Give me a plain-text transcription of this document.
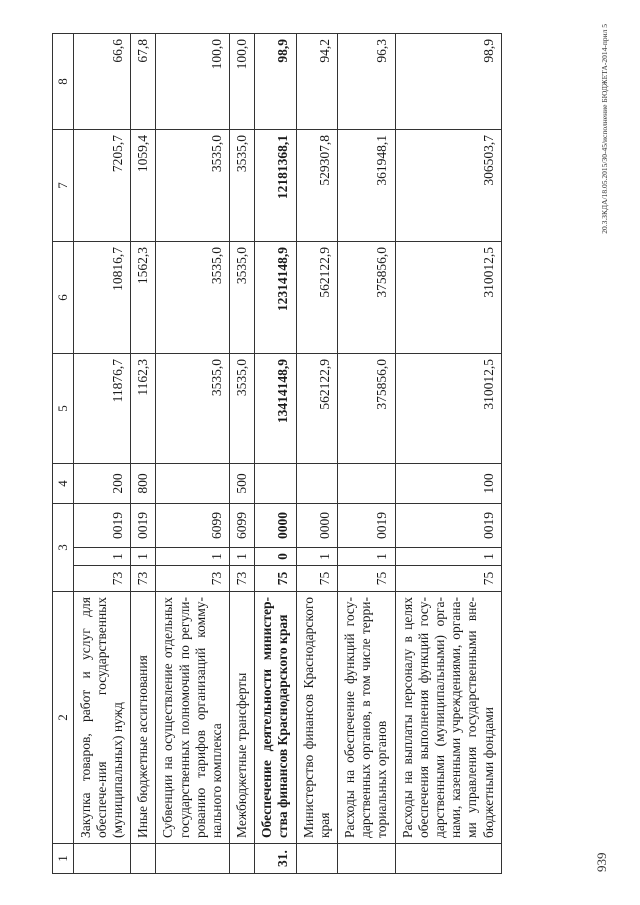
1	2	3			4	5	6	7	8
	Закупка товаров, работ и услуг для обеспече-ния государственных (муниципальных) нужд	73	1	0019	200	11876,7	10816,7	7205,7	66,6
	Иные бюджетные ассигнования	73	1	0019	800	1162,3	1562,3	1059,4	67,8
	Субвенции на осуществление отдельных государственных полномочий по регули-рованию тарифов организаций комму-нального комплекса	73	1	6099		3535,0	3535,0	3535,0	100,0
	Межбюджетные трансферты	73	1	6099	500	3535,0	3535,0	3535,0	100,0
31.	Обеспечение деятельности министер-ства финансов Краснодарского края	75	0	0000		13414148,9	12314148,9	12181368,1	98,9
	Министерство финансов Краснодарского края	75	1	0000		562122,9	562122,9	529307,8	94,2
	Расходы на обеспечение функций госу-дарственных органов, в том числе терри-ториальных органов	75	1	0019		375856,0	375856,0	361948,1	96,3
	Расходы на выплаты персоналу в целях обеспечения выполнения функций госу-дарственными (муниципальными) орга-нами, казенными учреждениями, органа-ми управления государственными вне-бюджетными фондами	75	1	0019	100	310012,5	310012,5	306503,7	98,9
939
20.3.ЗКДА/18.05.2015/30-45/исполнение БЮДЖЕТА-2014-прил 5
